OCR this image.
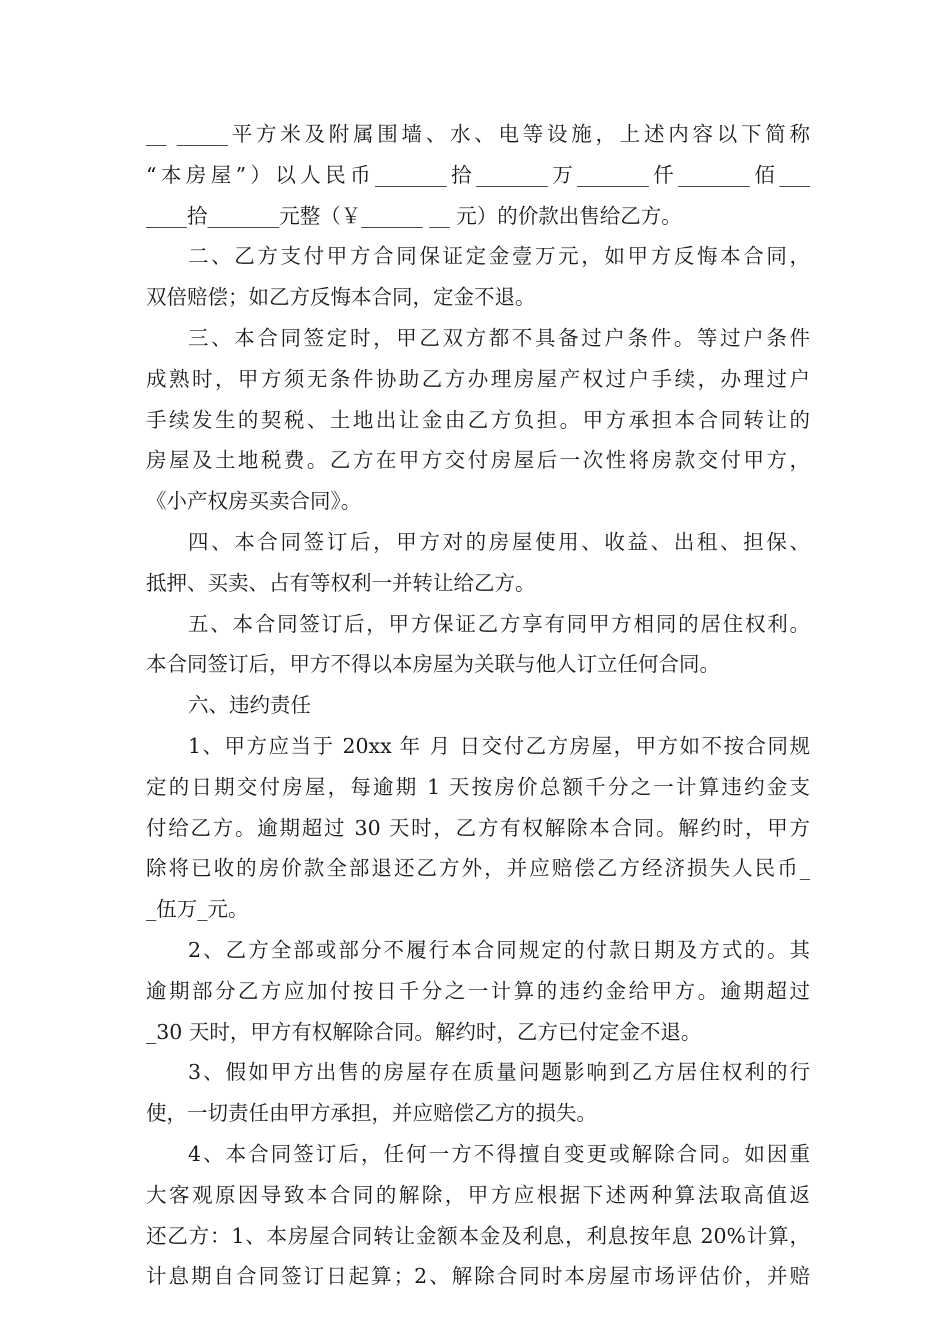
__ _____平方米及附属围墙、水、电等设施，上述内容以下简称
“本房屋”）以人民币_______拾_______万_______仟_______佰___
____拾_______元整（￥______ __ 元）的价款出售给乙方。
二、乙方支付甲方合同保证定金壹万元，如甲方反悔本合同，
双倍赔偿；如乙方反悔本合同，定金不退。
三、本合同签定时，甲乙双方都不具备过户条件。等过户条件
成熟时，甲方须无条件协助乙方办理房屋产权过户手续，办理过户
手续发生的契税、土地出让金由乙方负担。甲方承担本合同转让的
房屋及土地税费。乙方在甲方交付房屋后一次性将房款交付甲方，
《小产权房买卖合同》。
四、本合同签订后，甲方对的房屋使用、收益、出租、担保、
抵押、买卖、占有等权利一并转让给乙方。
五、本合同签订后，甲方保证乙方享有同甲方相同的居住权利。
本合同签订后，甲方不得以本房屋为关联与他人订立任何合同。
六、违约责任
1、甲方应当于 20xx 年 月 日交付乙方房屋，甲方如不按合同规
定的日期交付房屋，每逾期 1 天按房价总额千分之一计算违约金支
付给乙方。逾期超过 30 天时，乙方有权解除本合同。解约时，甲方
除将已收的房价款全部退还乙方外，并应赔偿乙方经济损失人民币_
_伍万_元。
2、乙方全部或部分不履行本合同规定的付款日期及方式的。其
逾期部分乙方应加付按日千分之一计算的违约金给甲方。逾期超过
_30 天时，甲方有权解除合同。解约时，乙方已付定金不退。
3、假如甲方出售的房屋存在质量问题影响到乙方居住权利的行
使，一切责任由甲方承担，并应赔偿乙方的损失。
4、本合同签订后，任何一方不得擅自变更或解除合同。如因重
大客观原因导致本合同的解除，甲方应根据下述两种算法取高值返
还乙方：1、本房屋合同转让金额本金及利息，利息按年息 20%计算，
计息期自合同签订日起算；2、解除合同时本房屋市场评估价，并赔
